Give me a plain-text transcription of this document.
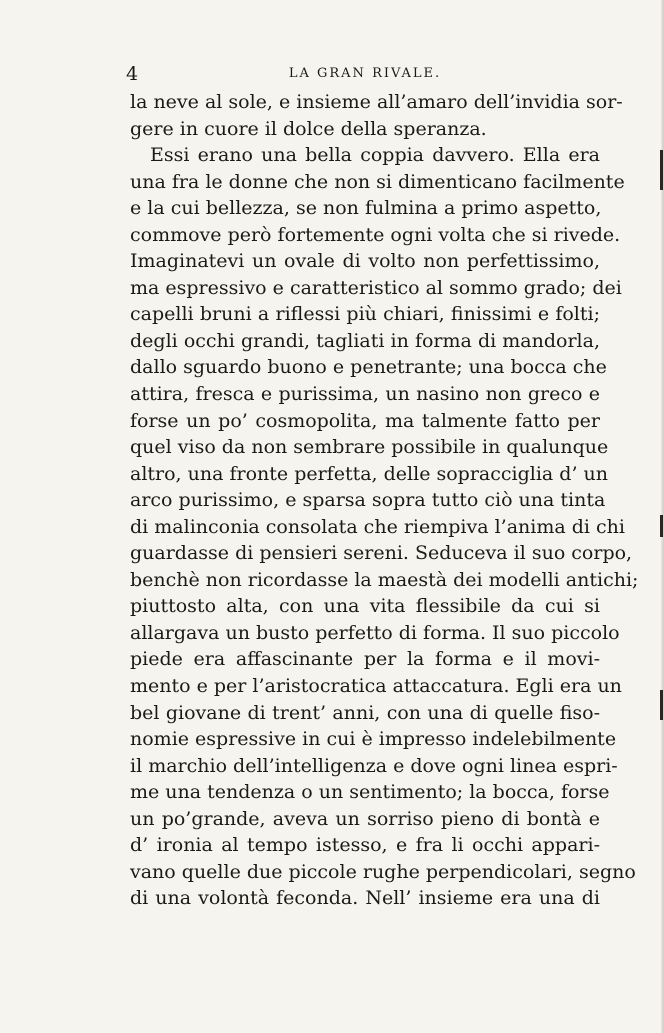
4	LA GRAN RIVALE.
la neve al sole, e insieme all’amaro dell’invidia sor-
gere in cuore il dolce della speranza.
Essi erano una bella coppia davvero. Ella era
una fra le donne che non si dimenticano facilmente
e la cui bellezza, se non fulmina a primo aspetto,
commove però fortemente ogni volta che si rivede.
Imaginatevi un ovale di volto non perfettissimo,
ma espressivo e caratteristico al sommo grado; dei
capelli bruni a riflessi più chiari, finissimi e folti;
degli occhi grandi, tagliati in forma di mandorla,
dallo sguardo buono e penetrante; una bocca che
attira, fresca e purissima, un nasino non greco e
forse un po’ cosmopolita, ma talmente fatto per
quel viso da non sembrare possibile in qualunque
altro, una fronte perfetta, delle sopracciglia d’ un
arco purissimo, e sparsa sopra tutto ciò una tinta
di malinconia consolata che riempiva l’anima di chi
guardasse di pensieri sereni. Seduceva il suo corpo,
benchè non ricordasse la maestà dei modelli antichi;
piuttosto alta, con una vita flessibile da cui si
allargava un busto perfetto di forma. Il suo piccolo
piede era affascinante per la forma e il movi-
mento e per l’aristocratica attaccatura. Egli era un
bel giovane di trent’ anni, con una di quelle fiso-
nomie espressive in cui è impresso indelebilmente
il marchio dell’intelligenza e dove ogni linea espri-
me una tendenza o un sentimento; la bocca, forse
un po’grande, aveva un sorriso pieno di bontà e
d’ ironia al tempo istesso, e fra li occhi appari-
vano quelle due piccole rughe perpendicolari, segno
di una volontà feconda. Nell’ insieme era una di
